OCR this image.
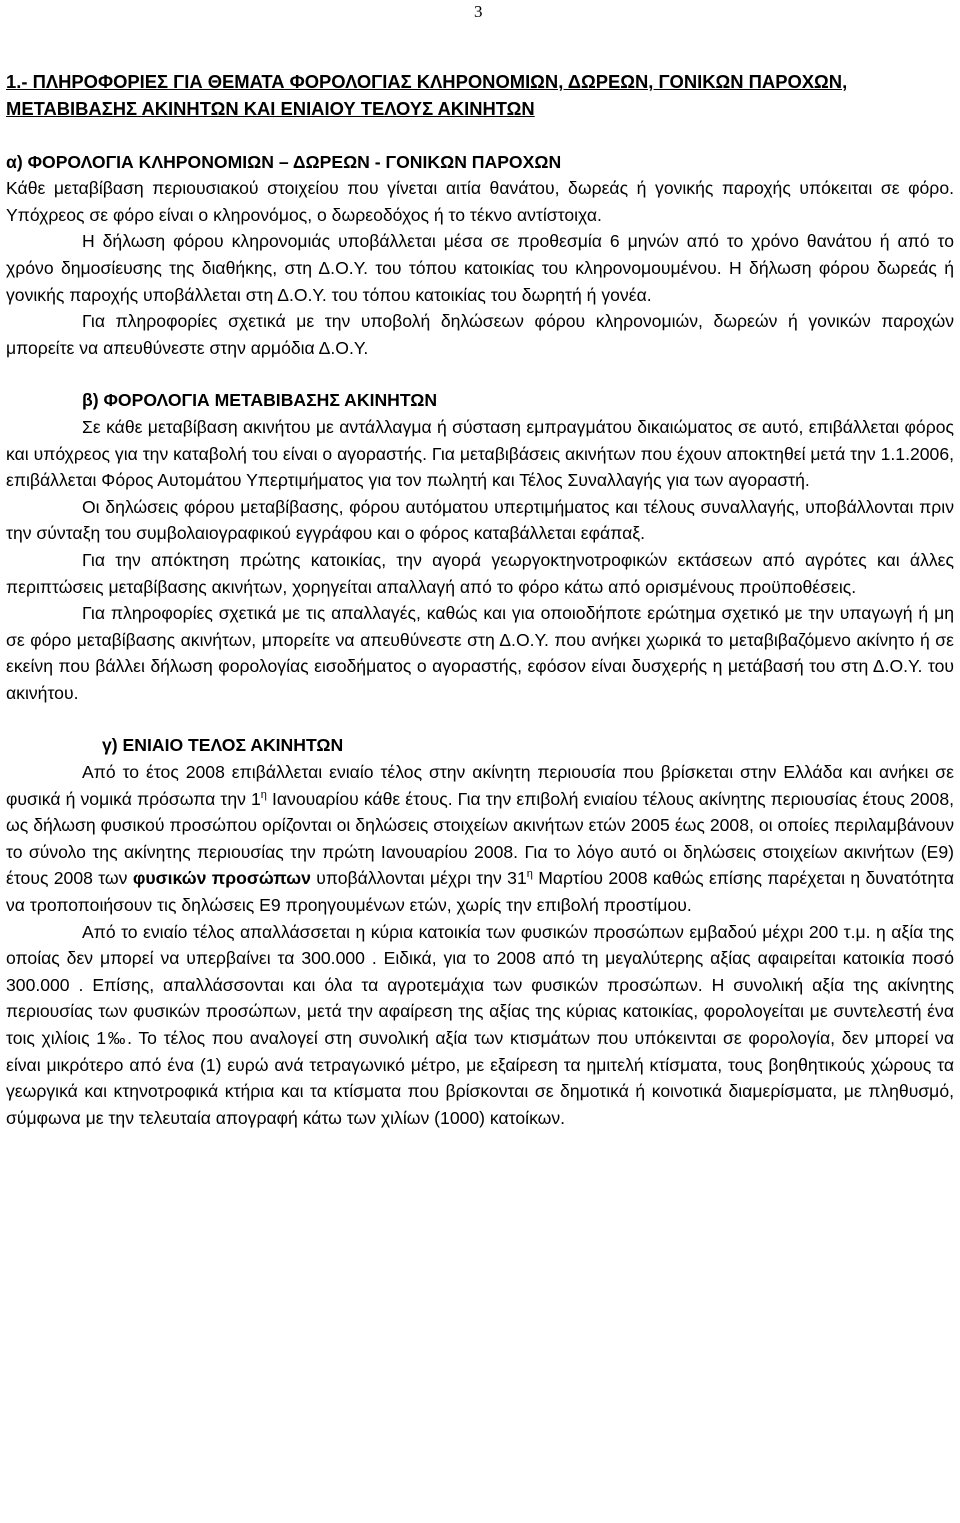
3

1.- ΠΛΗΡΟΦΟΡΙΕΣ ΓΙΑ ΘΕΜΑΤΑ ΦΟΡΟΛΟΓΙΑΣ ΚΛΗΡΟΝΟΜΙΩΝ, ΔΩΡΕΩΝ, ΓΟΝΙΚΩΝ ΠΑΡΟΧΩΝ, ΜΕΤΑΒΙΒΑΣΗΣ ΑΚΙΝΗΤΩΝ ΚΑΙ ΕΝΙΑΙΟΥ ΤΕΛΟΥΣ ΑΚΙΝΗΤΩΝ

α) ΦΟΡΟΛΟΓΙΑ ΚΛΗΡΟΝΟΜΙΩΝ – ΔΩΡΕΩΝ - ΓΟΝΙΚΩΝ ΠΑΡΟΧΩΝ

Κάθε μεταβίβαση περιουσιακού στοιχείου που γίνεται αιτία θανάτου, δωρεάς ή γονικής παροχής υπόκειται σε φόρο. Υπόχρεος σε φόρο είναι ο κληρονόμος, ο δωρεοδόχος ή το τέκνο αντίστοιχα.

Η δήλωση φόρου κληρονομιάς υποβάλλεται μέσα σε προθεσμία 6 μηνών από το χρόνο θανάτου ή από το χρόνο δημοσίευσης της διαθήκης, στη Δ.Ο.Υ. του τόπου κατοικίας του κληρονομουμένου. Η δήλωση φόρου δωρεάς ή γονικής παροχής υποβάλλεται στη Δ.Ο.Υ. του τόπου κατοικίας του δωρητή ή γονέα.

Για πληροφορίες σχετικά με την υποβολή δηλώσεων φόρου κληρονομιών, δωρεών ή γονικών παροχών μπορείτε να απευθύνεστε στην αρμόδια Δ.Ο.Υ.

β) ΦΟΡΟΛΟΓΙΑ ΜΕΤΑΒΙΒΑΣΗΣ ΑΚΙΝΗΤΩΝ

Σε κάθε μεταβίβαση ακινήτου με αντάλλαγμα ή σύσταση εμπραγμάτου δικαιώματος σε αυτό, επιβάλλεται φόρος και υπόχρεος για την καταβολή του είναι ο αγοραστής. Για μεταβιβάσεις ακινήτων που έχουν αποκτηθεί μετά την 1.1.2006, επιβάλλεται Φόρος Αυτομάτου Υπερτιμήματος για τον πωλητή και Τέλος Συναλλαγής για των αγοραστή.

Οι δηλώσεις φόρου μεταβίβασης, φόρου αυτόματου υπερτιμήματος και τέλους συναλλαγής, υποβάλλονται πριν την σύνταξη του συμβολαιογραφικού εγγράφου και ο φόρος καταβάλλεται εφάπαξ.

Για την απόκτηση πρώτης κατοικίας, την αγορά γεωργοκτηνοτροφικών εκτάσεων από αγρότες και άλλες περιπτώσεις μεταβίβασης ακινήτων, χορηγείται απαλλαγή από το φόρο κάτω από ορισμένους προϋποθέσεις.

Για πληροφορίες σχετικά με τις απαλλαγές, καθώς και για οποιοδήποτε ερώτημα σχετικό με την υπαγωγή ή μη σε φόρο μεταβίβασης ακινήτων, μπορείτε να απευθύνεστε στη Δ.Ο.Υ. που ανήκει χωρικά το μεταβιβαζόμενο ακίνητο ή σε εκείνη που βάλλει δήλωση φορολογίας εισοδήματος ο αγοραστής, εφόσον είναι δυσχερής η μετάβασή του στη Δ.Ο.Υ. του ακινήτου.

γ) ΕΝΙΑΙΟ ΤΕΛΟΣ ΑΚΙΝΗΤΩΝ

Από το έτος 2008 επιβάλλεται ενιαίο τέλος στην ακίνητη περιουσία που βρίσκεται στην Ελλάδα και ανήκει σε φυσικά ή νομικά πρόσωπα την $1^\eta$ Ιανουαρίου κάθε έτους. Για την επιβολή ενιαίου τέλους ακίνητης περιουσίας έτους 2008, ως δήλωση φυσικού προσώπου ορίζονται οι δηλώσεις στοιχείων ακινήτων ετών 2005 έως 2008, οι οποίες περιλαμβάνουν το σύνολο της ακίνητης περιουσίας την πρώτη Ιανουαρίου 2008. Για το λόγο αυτό οι δηλώσεις στοιχείων ακινήτων (Ε9) έτους 2008 των φυσικών προσώπων υποβάλλονται μέχρι την $31^\eta$ Μαρτίου 2008 καθώς επίσης παρέχεται η δυνατότητα να τροποποιήσουν τις δηλώσεις Ε9 προηγουμένων ετών, χωρίς την επιβολή προστίμου.

Από το ενιαίο τέλος απαλλάσσεται η κύρια κατοικία των φυσικών προσώπων εμβαδού μέχρι 200 τ.μ. η αξία της οποίας δεν μπορεί να υπερβαίνει τα 300.000 . Ειδικά, για το 2008 από τη μεγαλύτερης αξίας αφαιρείται κατοικία ποσό 300.000 . Επίσης, απαλλάσσονται και όλα τα αγροτεμάχια των φυσικών προσώπων. Η συνολική αξία της ακίνητης περιουσίας των φυσικών προσώπων, μετά την αφαίρεση της αξίας της κύριας κατοικίας, φορολογείται με συντελεστή ένα τοις χιλίοις 1‰. Το τέλος που αναλογεί στη συνολική αξία των κτισμάτων που υπόκεινται σε φορολογία, δεν μπορεί να είναι μικρότερο από ένα (1) ευρώ ανά τετραγωνικό μέτρο, με εξαίρεση τα ημιτελή κτίσματα, τους βοηθητικούς χώρους τα γεωργικά και κτηνοτροφικά κτήρια και τα κτίσματα που βρίσκονται σε δημοτικά ή κοινοτικά διαμερίσματα, με πληθυσμό, σύμφωνα με την τελευταία απογραφή κάτω των χιλίων (1000) κατοίκων.
